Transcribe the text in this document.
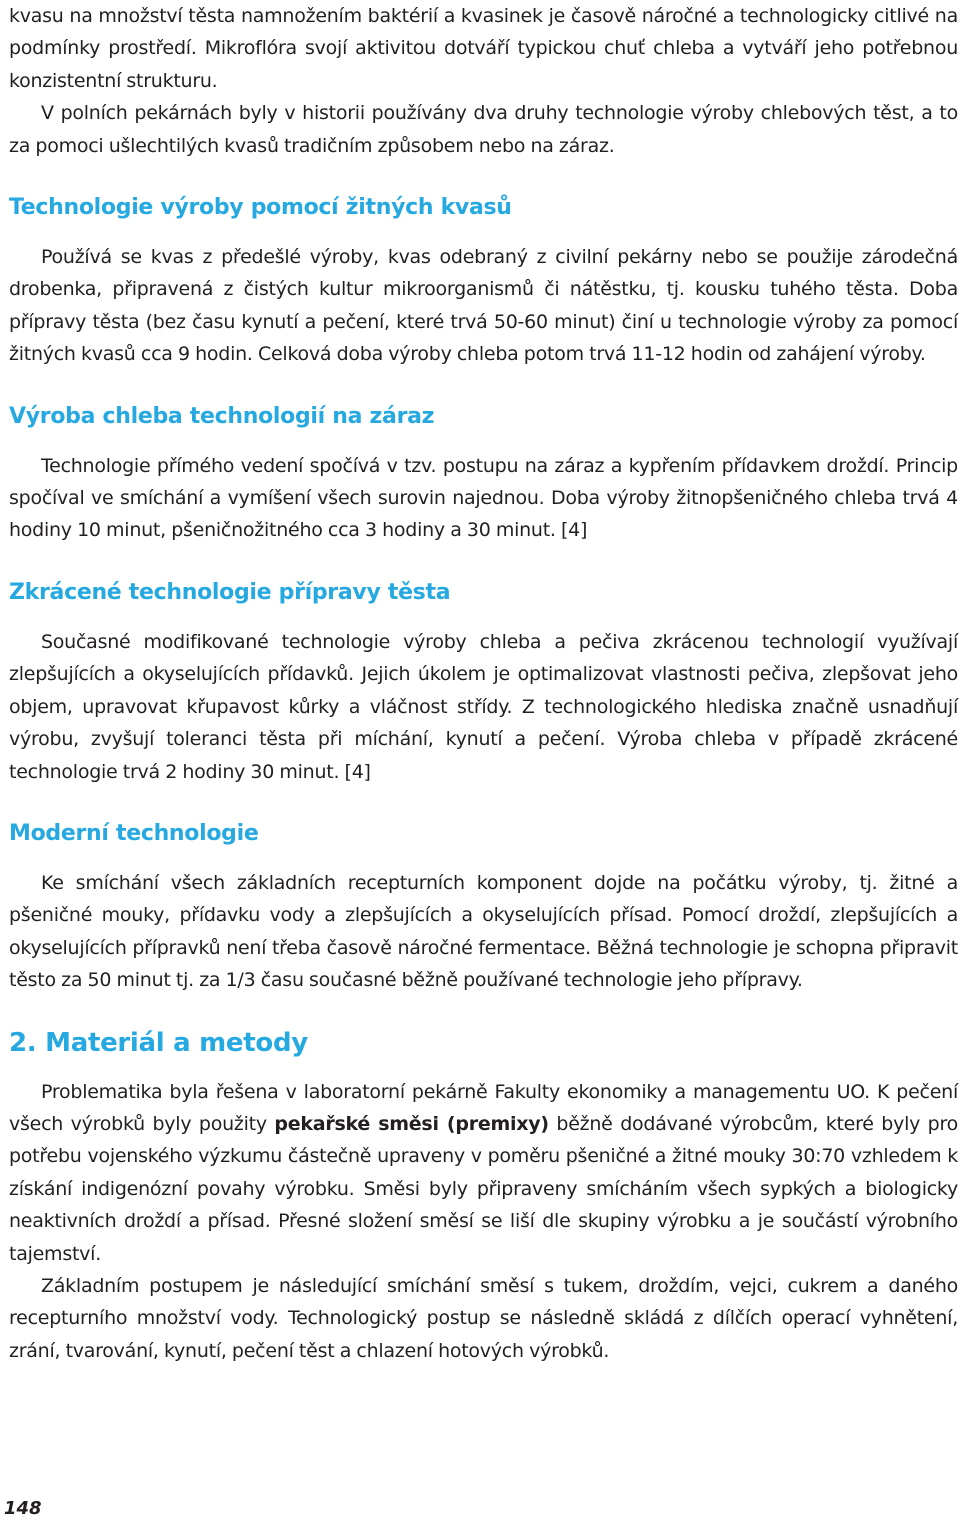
kvasu na množství těsta namnožením baktérií a kvasinek je časově náročné a technologicky citlivé na podmínky prostředí. Mikroflóra svojí aktivitou dotváří typickou chuť chleba a vytváří jeho potřebnou konzistentní strukturu.

V polních pekárnách byly v historii používány dva druhy technologie výroby chlebových těst, a to za pomoci ušlechtilých kvasů tradičním způsobem nebo na záraz.

Technologie výroby pomocí žitných kvasů

Používá se kvas z předešlé výroby, kvas odebraný z civilní pekárny nebo se použije zárodečná drobenka, připravená z čistých kultur mikroorganismů či nátěstku, tj. kousku tuhého těsta. Doba přípravy těsta (bez času kynutí a pečení, které trvá 50-60 minut) činí u technologie výroby za pomocí žitných kvasů cca 9 hodin. Celková doba výroby chleba potom trvá 11-12 hodin od zahájení výroby.

Výroba chleba technologií na záraz

Technologie přímého vedení spočívá v tzv. postupu na záraz a kypřením přídavkem droždí. Princip spočíval ve smíchání a vymíšení všech surovin najednou. Doba výroby žitnopšeničného chleba trvá 4 hodiny 10 minut, pšeničnožitného cca 3 hodiny a 30 minut. [4]

Zkrácené technologie přípravy těsta

Současné modifikované technologie výroby chleba a pečiva zkrácenou technologií využívají zlepšujících a okyselujících přídavků. Jejich úkolem je optimalizovat vlastnosti pečiva, zlepšovat jeho objem, upravovat křupavost kůrky a vláčnost střídy. Z technologického hlediska značně usnadňují výrobu, zvyšují toleranci těsta při míchání, kynutí a pečení. Výroba chleba v případě zkrácené technologie trvá 2 hodiny 30 minut. [4]

Moderní technologie

Ke smíchání všech základních recepturních komponent dojde na počátku výroby, tj. žitné a pšeničné mouky, přídavku vody a zlepšujících a okyselujících přísad. Pomocí droždí, zlepšujících a okyselujících přípravků není třeba časově náročné fermentace. Běžná technologie je schopna připravit těsto za 50 minut tj. za 1/3 času současné běžně používané technologie jeho přípravy.

2. Materiál a metody

Problematika byla řešena v laboratorní pekárně Fakulty ekonomiky a managementu UO. K pečení všech výrobků byly použity pekařské směsi (premixy) běžně dodávané výrobcům, které byly pro potřebu vojenského výzkumu částečně upraveny v poměru pšeničné a žitné mouky 30:70 vzhledem k získání indigenózní povahy výrobku. Směsi byly připraveny smícháním všech sypkých a biologicky neaktivních droždí a přísad. Přesné složení směsí se liší dle skupiny výrobku a je součástí výrobního tajemství.

Základním postupem je následující smíchání směsí s tukem, droždím, vejci, cukrem a daného recepturního množství vody. Technologický postup se následně skládá z dílčích operací vyhnětení, zrání, tvarování, kynutí, pečení těst a chlazení hotových výrobků.

148
